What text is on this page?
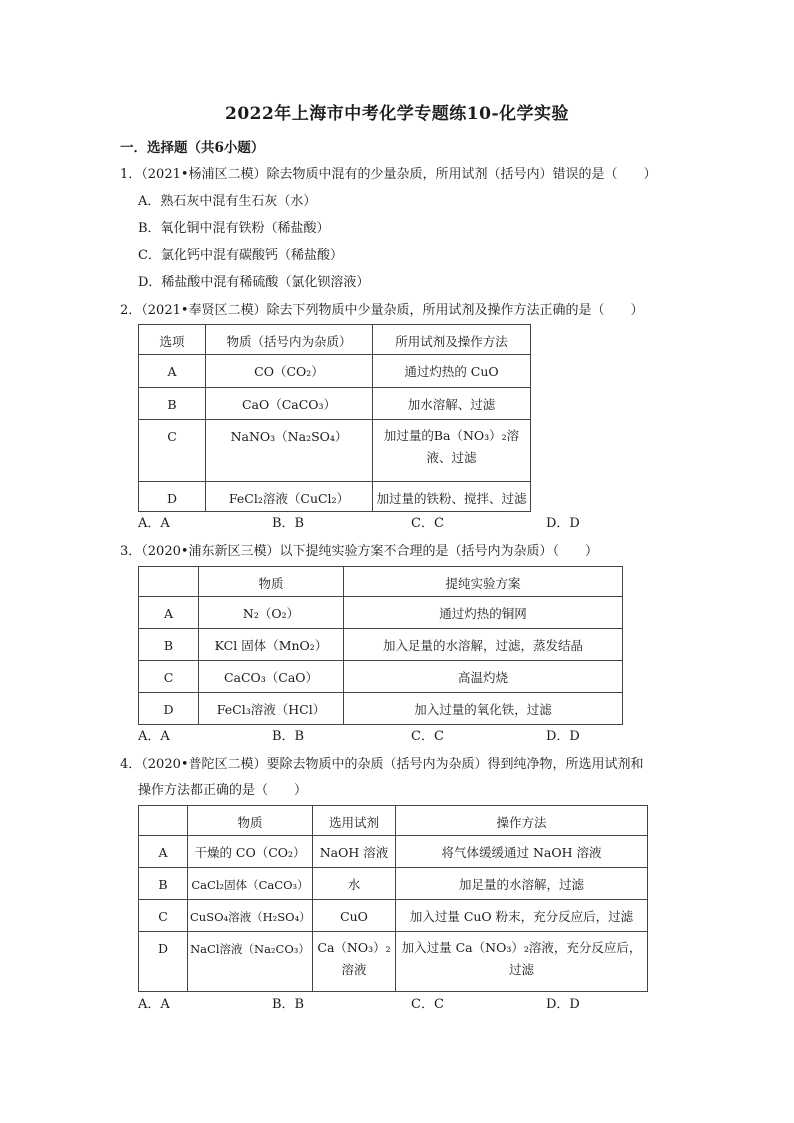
2022年上海市中考化学专题练10-化学实验
一．选择题（共6小题）
1．（2021•杨浦区二模）除去物质中混有的少量杂质，所用试剂（括号内）错误的是（　　）
A．熟石灰中混有生石灰（水）
B．氧化铜中混有铁粉（稀盐酸）
C．氯化钙中混有碳酸钙（稀盐酸）
D．稀盐酸中混有稀硫酸（氯化钡溶液）
2．（2021•奉贤区二模）除去下列物质中少量杂质，所用试剂及操作方法正确的是（　　）
选项	物质（括号内为杂质）	所用试剂及操作方法
A	CO（CO₂）	通过灼热的 CuO
B	CaO（CaCO₃）	加水溶解、过滤
C	NaNO₃（Na₂SO₄）	加过量的Ba（NO₃）₂溶液、过滤
D	FeCl₂溶液（CuCl₂）	加过量的铁粉、搅拌、过滤
A．A	B．B	C．C	D．D
3．（2020•浦东新区三模）以下提纯实验方案不合理的是（括号内为杂质）（　　）
	物质	提纯实验方案
A	N₂（O₂）	通过灼热的铜网
B	KCl 固体（MnO₂）	加入足量的水溶解，过滤，蒸发结晶
C	CaCO₃（CaO）	高温灼烧
D	FeCl₃溶液（HCl）	加入过量的氧化铁，过滤
A．A	B．B	C．C	D．D
4．（2020•普陀区二模）要除去物质中的杂质（括号内为杂质）得到纯净物，所选用试剂和
操作方法都正确的是（　　）
	物质	选用试剂	操作方法
A	干燥的 CO（CO₂）	NaOH 溶液	将气体缓缓通过 NaOH 溶液
B	CaCl₂固体（CaCO₃）	水	加足量的水溶解，过滤
C	CuSO₄溶液（H₂SO₄）	CuO	加入过量 CuO 粉末，充分反应后，过滤
D	NaCl溶液（Na₂CO₃）	Ca（NO₃）₂溶液	加入过量 Ca（NO₃）₂溶液，充分反应后，过滤
A．A	B．B	C．C	D．D
